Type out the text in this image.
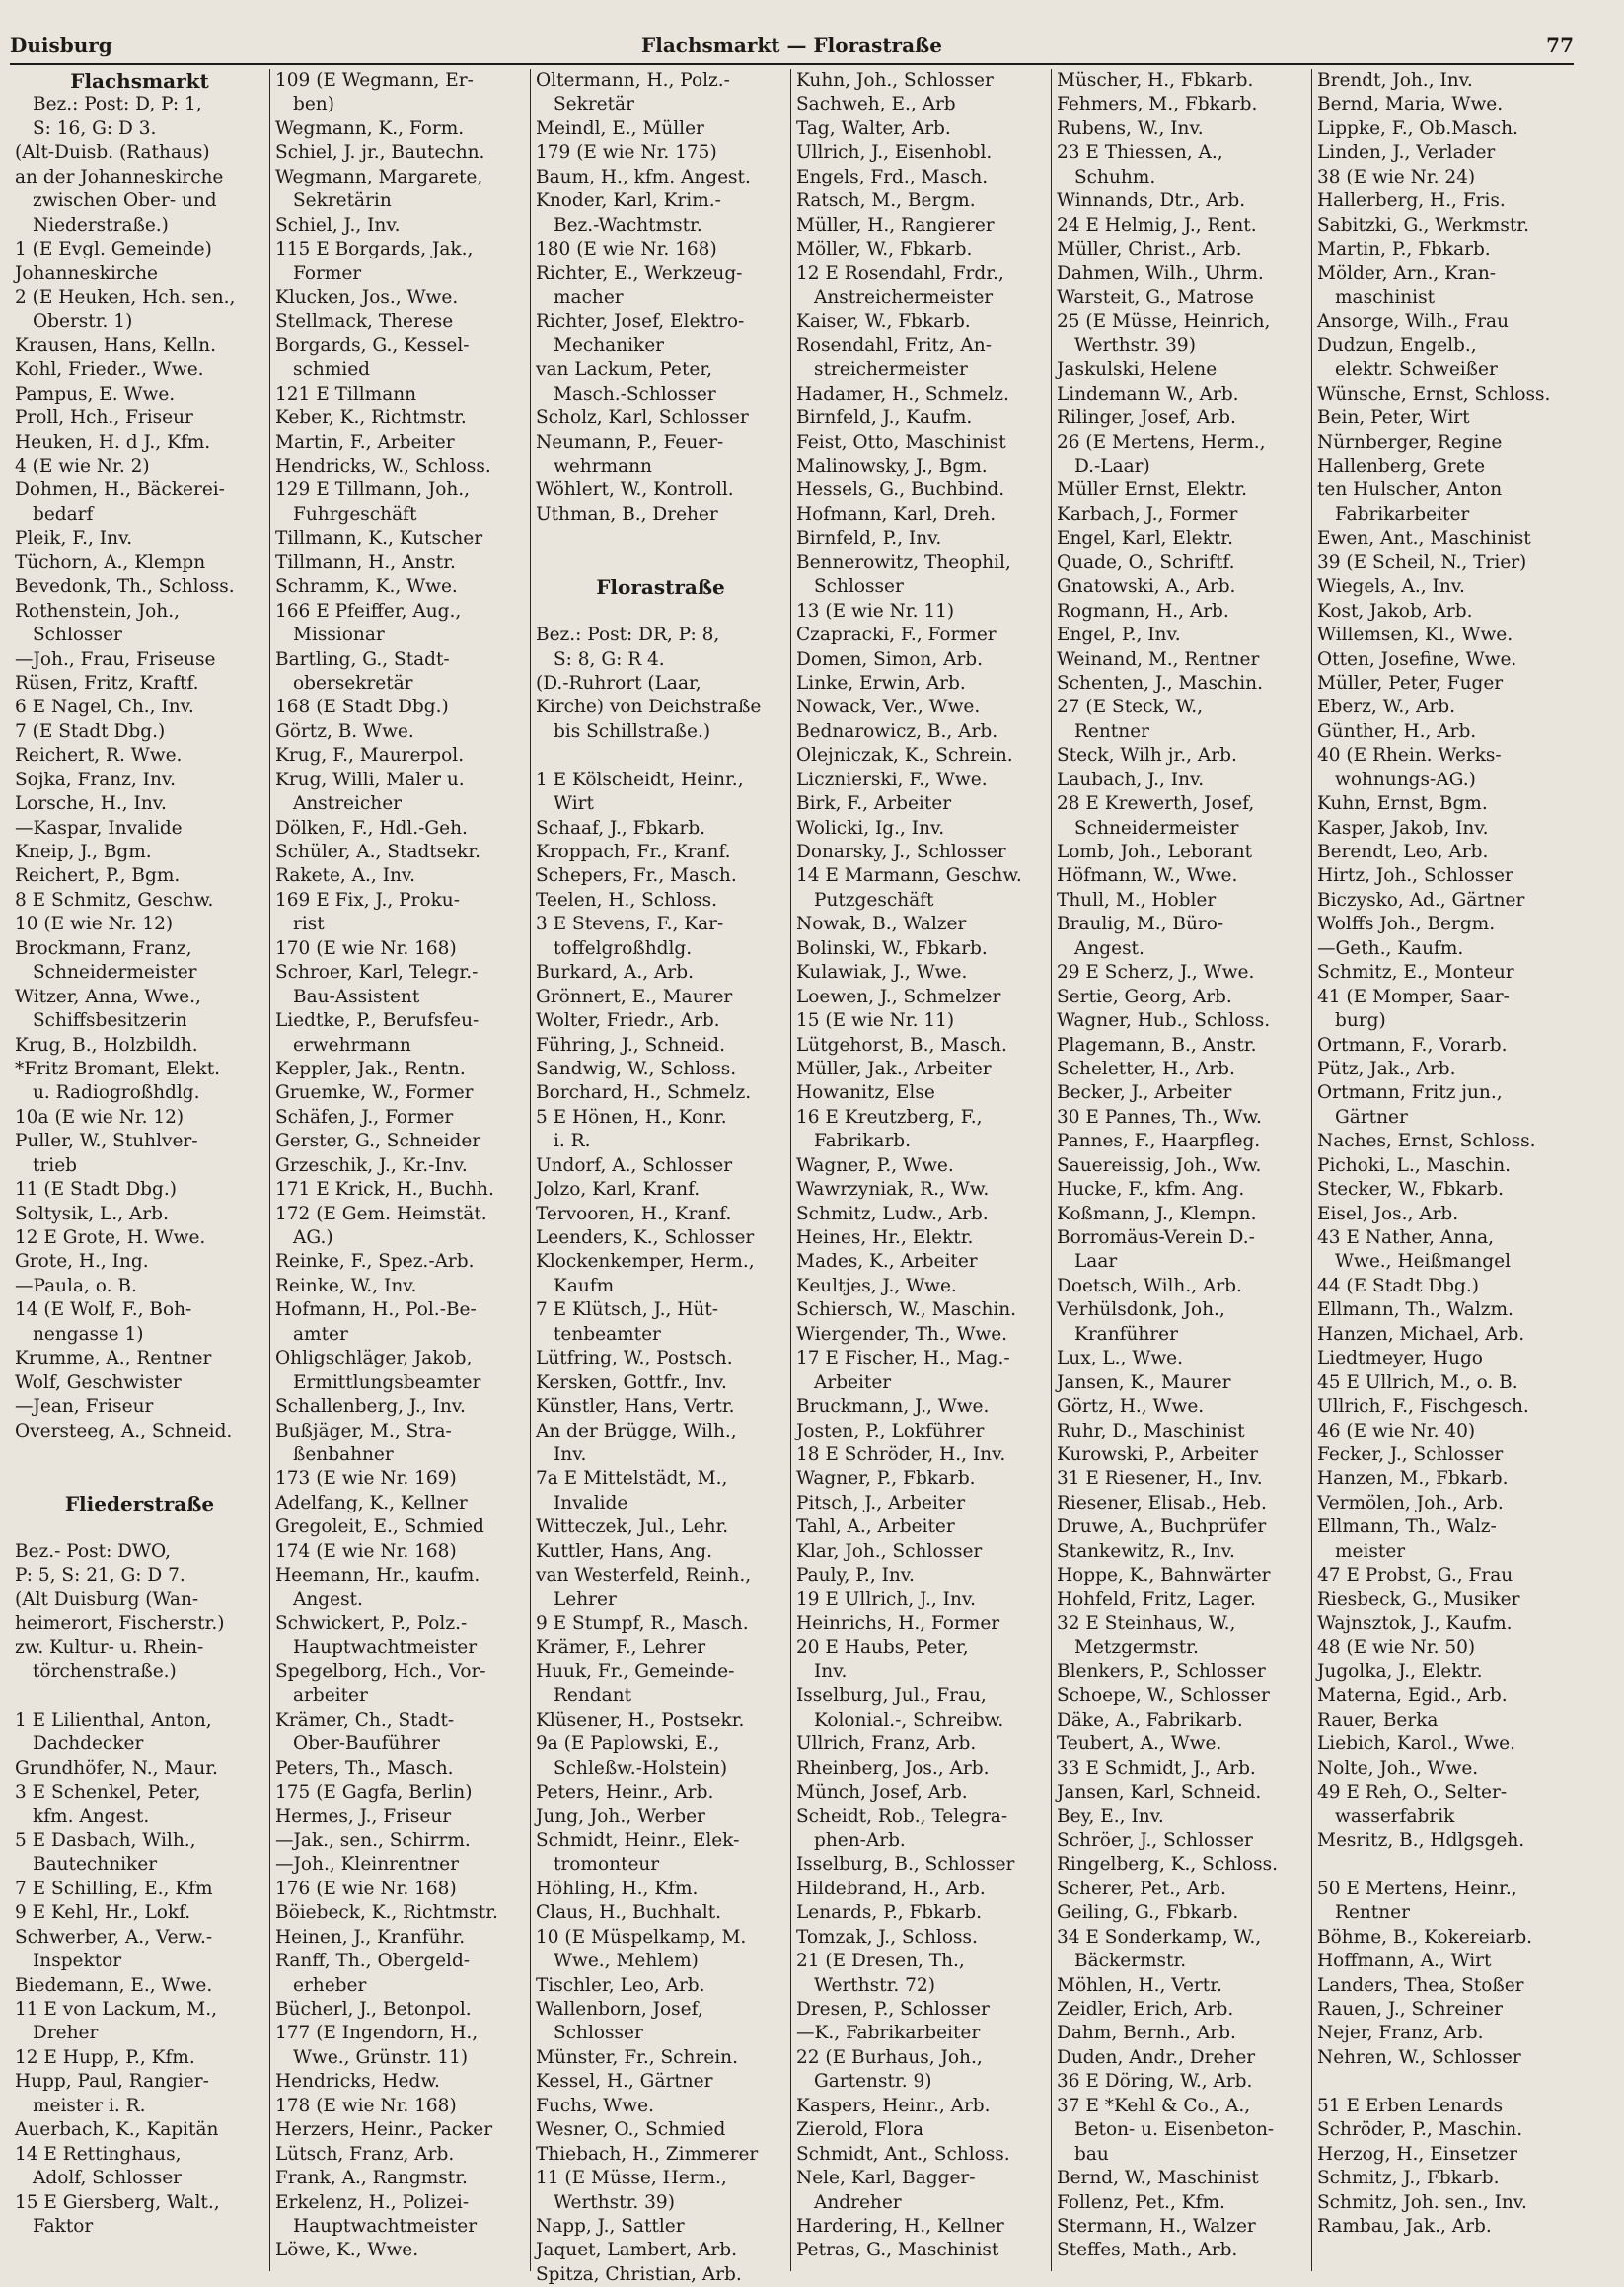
Duisburg	Flachsmarkt — Florastraße	77
Flachsmarkt
Bez.: Post: D, P: 1,
S: 16, G: D 3.
(Alt-Duisb. (Rathaus)
an der Johanneskirche
zwischen Ober- und
Niederstraße.)
1 (E Evgl. Gemeinde)
Johanneskirche
2 (E Heuken, Hch. sen.,
Oberstr. 1)
Krausen, Hans, Kelln.
Kohl, Frieder., Wwe.
Pampus, E. Wwe.
Proll, Hch., Friseur
Heuken, H. d J., Kfm.
4 (E wie Nr. 2)
Dohmen, H., Bäckerei-
bedarf
Pleik, F., Inv.
Tüchorn, A., Klempn
Bevedonk, Th., Schloss.
Rothenstein, Joh.,
Schlosser
—Joh., Frau, Friseuse
Rüsen, Fritz, Kraftf.
6 E Nagel, Ch., Inv.
7 (E Stadt Dbg.)
Reichert, R. Wwe.
Sojka, Franz, Inv.
Lorsche, H., Inv.
—Kaspar, Invalide
Kneip, J., Bgm.
Reichert, P., Bgm.
8 E Schmitz, Geschw.
10 (E wie Nr. 12)
Brockmann, Franz,
Schneidermeister
Witzer, Anna, Wwe.,
Schiffsbesitzerin
Krug, B., Holzbildh.
*Fritz Bromant, Elekt.
u. Radiogroßhdlg.
10a (E wie Nr. 12)
Puller, W., Stuhlver-
trieb
11 (E Stadt Dbg.)
Soltysik, L., Arb.
12 E Grote, H. Wwe.
Grote, H., Ing.
—Paula, o. B.
14 (E Wolf, F., Boh-
nengasse 1)
Krumme, A., Rentner
Wolf, Geschwister
—Jean, Friseur
Oversteeg, A., Schneid.
Fliederstraße
Bez.- Post: DWO,
P: 5, S: 21, G: D 7.
(Alt Duisburg (Wan-
heimerort, Fischerstr.)
zw. Kultur- u. Rhein-
törchenstraße.)
1 E Lilienthal, Anton,
Dachdecker
Grundhöfer, N., Maur.
3 E Schenkel, Peter,
kfm. Angest.
5 E Dasbach, Wilh.,
Bautechniker
7 E Schilling, E., Kfm
9 E Kehl, Hr., Lokf.
Schwerber, A., Verw.-
Inspektor
Biedemann, E., Wwe.
11 E von Lackum, M.,
Dreher
12 E Hupp, P., Kfm.
Hupp, Paul, Rangier-
meister i. R.
Auerbach, K., Kapitän
14 E Rettinghaus,
Adolf, Schlosser
15 E Giersberg, Walt.,
Faktor
109 (E Wegmann, Er-
ben)
Wegmann, K., Form.
Schiel, J. jr., Bautechn.
Wegmann, Margarete,
Sekretärin
Schiel, J., Inv.
115 E Borgards, Jak.,
Former
Klucken, Jos., Wwe.
Stellmack, Therese
Borgards, G., Kessel-
schmied
121 E Tillmann
Keber, K., Richtmstr.
Martin, F., Arbeiter
Hendricks, W., Schloss.
129 E Tillmann, Joh.,
Fuhrgeschäft
Tillmann, K., Kutscher
Tillmann, H., Anstr.
Schramm, K., Wwe.
166 E Pfeiffer, Aug.,
Missionar
Bartling, G., Stadt-
obersekretär
168 (E Stadt Dbg.)
Görtz, B. Wwe.
Krug, F., Maurerpol.
Krug, Willi, Maler u.
Anstreicher
Dölken, F., Hdl.-Geh.
Schüler, A., Stadtsekr.
Rakete, A., Inv.
169 E Fix, J., Proku-
rist
170 (E wie Nr. 168)
Schroer, Karl, Telegr.-
Bau-Assistent
Liedtke, P., Berufsfeu-
erwehrmann
Keppler, Jak., Rentn.
Gruemke, W., Former
Schäfen, J., Former
Gerster, G., Schneider
Grzeschik, J., Kr.-Inv.
171 E Krick, H., Buchh.
172 (E Gem. Heimstät.
AG.)
Reinke, F., Spez.-Arb.
Reinke, W., Inv.
Hofmann, H., Pol.-Be-
amter
Ohligschläger, Jakob,
Ermittlungsbeamter
Schallenberg, J., Inv.
Bußjäger, M., Stra-
ßenbahner
173 (E wie Nr. 169)
Adelfang, K., Kellner
Gregoleit, E., Schmied
174 (E wie Nr. 168)
Heemann, Hr., kaufm.
Angest.
Schwickert, P., Polz.-
Hauptwachtmeister
Spegelborg, Hch., Vor-
arbeiter
Krämer, Ch., Stadt-
Ober-Bauführer
Peters, Th., Masch.
175 (E Gagfa, Berlin)
Hermes, J., Friseur
—Jak., sen., Schirrm.
—Joh., Kleinrentner
176 (E wie Nr. 168)
Böiebeck, K., Richtmstr.
Heinen, J., Kranführ.
Ranff, Th., Obergeld-
erheber
Bücherl, J., Betonpol.
177 (E Ingendorn, H.,
Wwe., Grünstr. 11)
Hendricks, Hedw.
178 (E wie Nr. 168)
Herzers, Heinr., Packer
Lütsch, Franz, Arb.
Frank, A., Rangmstr.
Erkelenz, H., Polizei-
Hauptwachtmeister
Löwe, K., Wwe.
Oltermann, H., Polz.-
Sekretär
Meindl, E., Müller
179 (E wie Nr. 175)
Baum, H., kfm. Angest.
Knoder, Karl, Krim.-
Bez.-Wachtmstr.
180 (E wie Nr. 168)
Richter, E., Werkzeug-
macher
Richter, Josef, Elektro-
Mechaniker
van Lackum, Peter,
Masch.-Schlosser
Scholz, Karl, Schlosser
Neumann, P., Feuer-
wehrmann
Wöhlert, W., Kontroll.
Uthman, B., Dreher
Florastraße
Bez.: Post: DR, P: 8,
S: 8, G: R 4.
(D.-Ruhrort (Laar,
Kirche) von Deichstraße
bis Schillstraße.)
1 E Kölscheidt, Heinr.,
Wirt
Schaaf, J., Fbkarb.
Kroppach, Fr., Kranf.
Schepers, Fr., Masch.
Teelen, H., Schloss.
3 E Stevens, F., Kar-
toffelgroßhdlg.
Burkard, A., Arb.
Grönnert, E., Maurer
Wolter, Friedr., Arb.
Führing, J., Schneid.
Sandwig, W., Schloss.
Borchard, H., Schmelz.
5 E Hönen, H., Konr.
i. R.
Undorf, A., Schlosser
Jolzo, Karl, Kranf.
Tervooren, H., Kranf.
Leenders, K., Schlosser
Klockenkemper, Herm.,
Kaufm
7 E Klütsch, J., Hüt-
tenbeamter
Lütfring, W., Postsch.
Kersken, Gottfr., Inv.
Künstler, Hans, Vertr.
An der Brügge, Wilh.,
Inv.
7a E Mittelstädt, M.,
Invalide
Witteczek, Jul., Lehr.
Kuttler, Hans, Ang.
van Westerfeld, Reinh.,
Lehrer
9 E Stumpf, R., Masch.
Krämer, F., Lehrer
Huuk, Fr., Gemeinde-
Rendant
Klüsener, H., Postsekr.
9a (E Paplowski, E.,
Schleßw.-Holstein)
Peters, Heinr., Arb.
Jung, Joh., Werber
Schmidt, Heinr., Elek-
tromonteur
Höhling, H., Kfm.
Claus, H., Buchhalt.
10 (E Müspelkamp, M.
Wwe., Mehlem)
Tischler, Leo, Arb.
Wallenborn, Josef,
Schlosser
Münster, Fr., Schrein.
Kessel, H., Gärtner
Fuchs, Wwe.
Wesner, O., Schmied
Thiebach, H., Zimmerer
11 (E Müsse, Herm.,
Werthstr. 39)
Napp, J., Sattler
Jaquet, Lambert, Arb.
Spitza, Christian, Arb.
Kuhn, Joh., Schlosser
Sachweh, E., Arb
Tag, Walter, Arb.
Ullrich, J., Eisenhobl.
Engels, Frd., Masch.
Ratsch, M., Bergm.
Müller, H., Rangierer
Möller, W., Fbkarb.
12 E Rosendahl, Frdr.,
Anstreichermeister
Kaiser, W., Fbkarb.
Rosendahl, Fritz, An-
streichermeister
Hadamer, H., Schmelz.
Birnfeld, J., Kaufm.
Feist, Otto, Maschinist
Malinowsky, J., Bgm.
Hessels, G., Buchbind.
Hofmann, Karl, Dreh.
Birnfeld, P., Inv.
Bennerowitz, Theophil,
Schlosser
13 (E wie Nr. 11)
Czapracki, F., Former
Domen, Simon, Arb.
Linke, Erwin, Arb.
Nowack, Ver., Wwe.
Bednarowicz, B., Arb.
Olejniczak, K., Schrein.
Licznierski, F., Wwe.
Birk, F., Arbeiter
Wolicki, Ig., Inv.
Donarsky, J., Schlosser
14 E Marmann, Geschw.
Putzgeschäft
Nowak, B., Walzer
Bolinski, W., Fbkarb.
Kulawiak, J., Wwe.
Loewen, J., Schmelzer
15 (E wie Nr. 11)
Lütgehorst, B., Masch.
Müller, Jak., Arbeiter
Howanitz, Else
16 E Kreutzberg, F.,
Fabrikarb.
Wagner, P., Wwe.
Wawrzyniak, R., Ww.
Schmitz, Ludw., Arb.
Heines, Hr., Elektr.
Mades, K., Arbeiter
Keultjes, J., Wwe.
Schiersch, W., Maschin.
Wiergender, Th., Wwe.
17 E Fischer, H., Mag.-
Arbeiter
Bruckmann, J., Wwe.
Josten, P., Lokführer
18 E Schröder, H., Inv.
Wagner, P., Fbkarb.
Pitsch, J., Arbeiter
Tahl, A., Arbeiter
Klar, Joh., Schlosser
Pauly, P., Inv.
19 E Ullrich, J., Inv.
Heinrichs, H., Former
20 E Haubs, Peter,
Inv.
Isselburg, Jul., Frau,
Kolonial.-, Schreibw.
Ullrich, Franz, Arb.
Rheinberg, Jos., Arb.
Münch, Josef, Arb.
Scheidt, Rob., Telegra-
phen-Arb.
Isselburg, B., Schlosser
Hildebrand, H., Arb.
Lenards, P., Fbkarb.
Tomzak, J., Schloss.
21 (E Dresen, Th.,
Werthstr. 72)
Dresen, P., Schlosser
—K., Fabrikarbeiter
22 (E Burhaus, Joh.,
Gartenstr. 9)
Kaspers, Heinr., Arb.
Zierold, Flora
Schmidt, Ant., Schloss.
Nele, Karl, Bagger-
Andreher
Hardering, H., Kellner
Petras, G., Maschinist
Müscher, H., Fbkarb.
Fehmers, M., Fbkarb.
Rubens, W., Inv.
23 E Thiessen, A.,
Schuhm.
Winnands, Dtr., Arb.
24 E Helmig, J., Rent.
Müller, Christ., Arb.
Dahmen, Wilh., Uhrm.
Warsteit, G., Matrose
25 (E Müsse, Heinrich,
Werthstr. 39)
Jaskulski, Helene
Lindemann W., Arb.
Rilinger, Josef, Arb.
26 (E Mertens, Herm.,
D.-Laar)
Müller Ernst, Elektr.
Karbach, J., Former
Engel, Karl, Elektr.
Quade, O., Schriftf.
Gnatowski, A., Arb.
Rogmann, H., Arb.
Engel, P., Inv.
Weinand, M., Rentner
Schenten, J., Maschin.
27 (E Steck, W.,
Rentner
Steck, Wilh jr., Arb.
Laubach, J., Inv.
28 E Krewerth, Josef,
Schneidermeister
Lomb, Joh., Leborant
Höfmann, W., Wwe.
Thull, M., Hobler
Braulig, M., Büro-
Angest.
29 E Scherz, J., Wwe.
Sertie, Georg, Arb.
Wagner, Hub., Schloss.
Plagemann, B., Anstr.
Scheletter, H., Arb.
Becker, J., Arbeiter
30 E Pannes, Th., Ww.
Pannes, F., Haarpfleg.
Sauereissig, Joh., Ww.
Hucke, F., kfm. Ang.
Koßmann, J., Klempn.
Borromäus-Verein D.-
Laar
Doetsch, Wilh., Arb.
Verhülsdonk, Joh.,
Kranführer
Lux, L., Wwe.
Jansen, K., Maurer
Görtz, H., Wwe.
Ruhr, D., Maschinist
Kurowski, P., Arbeiter
31 E Riesener, H., Inv.
Riesener, Elisab., Heb.
Druwe, A., Buchprüfer
Stankewitz, R., Inv.
Hoppe, K., Bahnwärter
Hohfeld, Fritz, Lager.
32 E Steinhaus, W.,
Metzgermstr.
Blenkers, P., Schlosser
Schoepe, W., Schlosser
Däke, A., Fabrikarb.
Teubert, A., Wwe.
33 E Schmidt, J., Arb.
Jansen, Karl, Schneid.
Bey, E., Inv.
Schröer, J., Schlosser
Ringelberg, K., Schloss.
Scherer, Pet., Arb.
Geiling, G., Fbkarb.
34 E Sonderkamp, W.,
Bäckermstr.
Möhlen, H., Vertr.
Zeidler, Erich, Arb.
Dahm, Bernh., Arb.
Duden, Andr., Dreher
36 E Döring, W., Arb.
37 E *Kehl & Co., A.,
Beton- u. Eisenbeton-
bau
Bernd, W., Maschinist
Follenz, Pet., Kfm.
Stermann, H., Walzer
Steffes, Math., Arb.
Brendt, Joh., Inv.
Bernd, Maria, Wwe.
Lippke, F., Ob.Masch.
Linden, J., Verlader
38 (E wie Nr. 24)
Hallerberg, H., Fris.
Sabitzki, G., Werkmstr.
Martin, P., Fbkarb.
Mölder, Arn., Kran-
maschinist
Ansorge, Wilh., Frau
Dudzun, Engelb.,
elektr. Schweißer
Wünsche, Ernst, Schloss.
Bein, Peter, Wirt
Nürnberger, Regine
Hallenberg, Grete
ten Hulscher, Anton
Fabrikarbeiter
Ewen, Ant., Maschinist
39 (E Scheil, N., Trier)
Wiegels, A., Inv.
Kost, Jakob, Arb.
Willemsen, Kl., Wwe.
Otten, Josefine, Wwe.
Müller, Peter, Fuger
Eberz, W., Arb.
Günther, H., Arb.
40 (E Rhein. Werks-
wohnungs-AG.)
Kuhn, Ernst, Bgm.
Kasper, Jakob, Inv.
Berendt, Leo, Arb.
Hirtz, Joh., Schlosser
Biczysko, Ad., Gärtner
Wolffs Joh., Bergm.
—Geth., Kaufm.
Schmitz, E., Monteur
41 (E Momper, Saar-
burg)
Ortmann, F., Vorarb.
Pütz, Jak., Arb.
Ortmann, Fritz jun.,
Gärtner
Naches, Ernst, Schloss.
Pichoki, L., Maschin.
Stecker, W., Fbkarb.
Eisel, Jos., Arb.
43 E Nather, Anna,
Wwe., Heißmangel
44 (E Stadt Dbg.)
Ellmann, Th., Walzm.
Hanzen, Michael, Arb.
Liedtmeyer, Hugo
45 E Ullrich, M., o. B.
Ullrich, F., Fischgesch.
46 (E wie Nr. 40)
Fecker, J., Schlosser
Hanzen, M., Fbkarb.
Vermölen, Joh., Arb.
Ellmann, Th., Walz-
meister
47 E Probst, G., Frau
Riesbeck, G., Musiker
Wajnsztok, J., Kaufm.
48 (E wie Nr. 50)
Jugolka, J., Elektr.
Materna, Egid., Arb.
Rauer, Berka
Liebich, Karol., Wwe.
Nolte, Joh., Wwe.
49 E Reh, O., Selter-
wasserfabrik
Mesritz, B., Hdlgsgeh.
50 E Mertens, Heinr.,
Rentner
Böhme, B., Kokereiarb.
Hoffmann, A., Wirt
Landers, Thea, Stoßer
Rauen, J., Schreiner
Nejer, Franz, Arb.
Nehren, W., Schlosser
51 E Erben Lenards
Schröder, P., Maschin.
Herzog, H., Einsetzer
Schmitz, J., Fbkarb.
Schmitz, Joh. sen., Inv.
Rambau, Jak., Arb.
